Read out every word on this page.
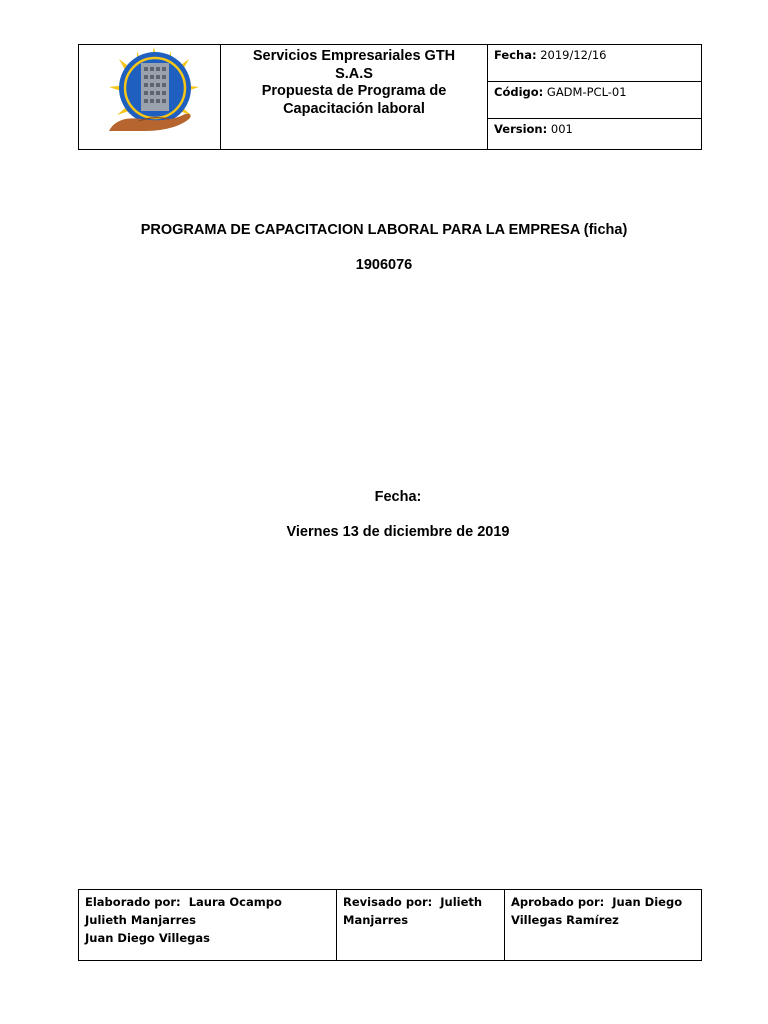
Servicios Empresariales GTH
S.A.S
Propuesta de Programa de
Capacitación laboral
	Fecha: 2019/12/16
Código: GADM-PCL-01
Version: 001
PROGRAMA DE CAPACITACION LABORAL PARA LA EMPRESA (ficha)
1906076
Fecha:
Viernes 13 de diciembre de 2019
Elaborado por: Laura Ocampo
Julieth Manjarres
Juan Diego Villegas

Revisado por: Julieth
Manjarres

Aprobado por: Juan Diego
Villegas Ramírez
